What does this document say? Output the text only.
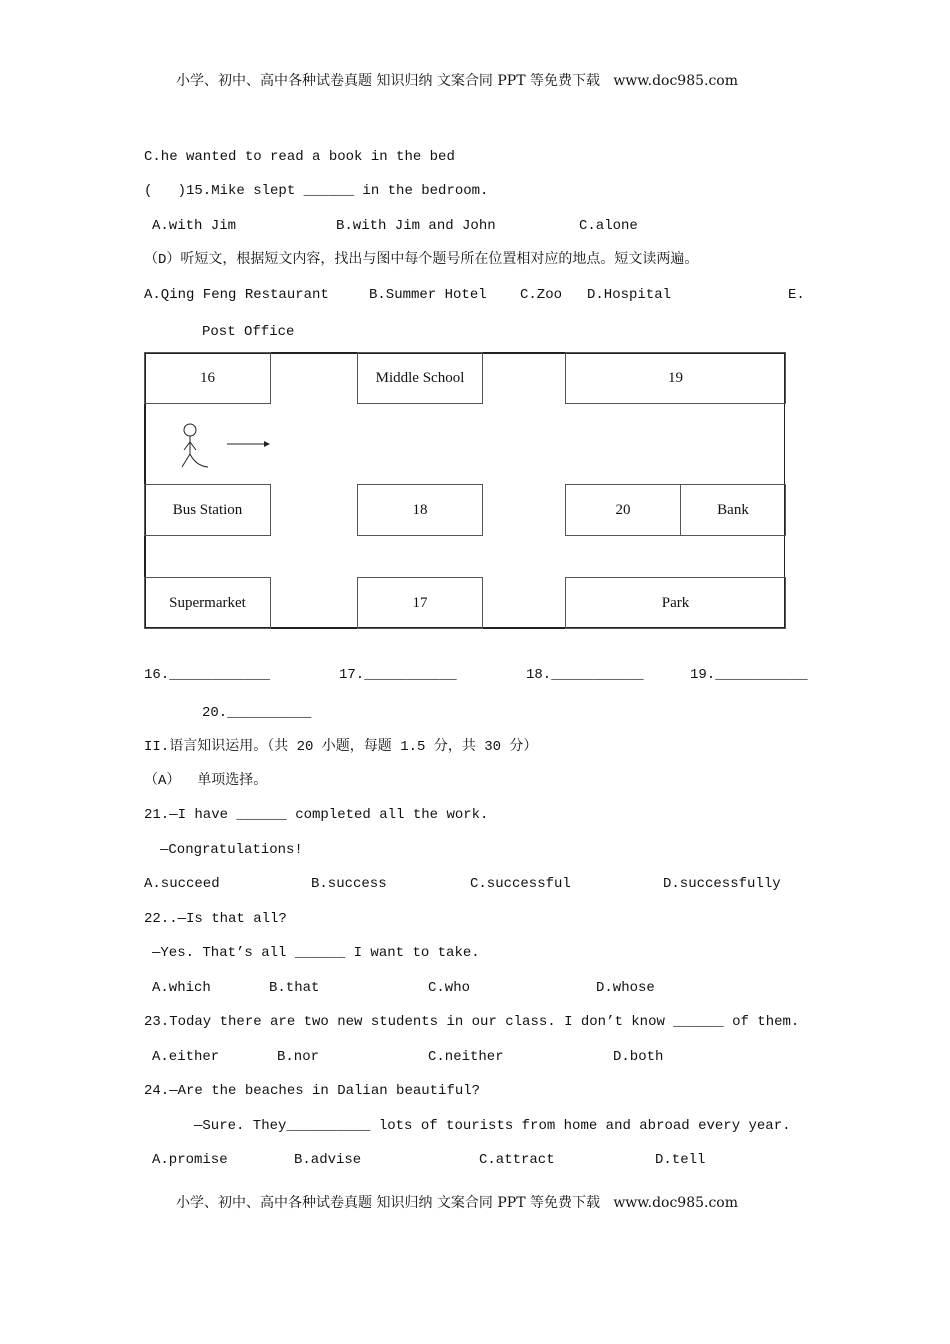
小学、初中、高中各种试卷真题 知识归纳 文案合同 PPT 等免费下载   www.doc985.com
C.he wanted to read a book in the bed
(   )15.Mike slept ______ in the bedroom.
A.with Jim	B.with Jim and John	C.alone
（D）听短文，根据短文内容，找出与图中每个题号所在位置相对应的地点。短文读两遍。
A.Qing Feng Restaurant	B.Summer Hotel C.Zoo D.Hospital	E.
Post Office
16	Middle School	19
Bus Station	18	20	Bank
Supermarket	17	Park
16.____________	17.___________	18.___________	19.___________
20.__________
II.语言知识运用。（共 20 小题，每题 1.5 分，共 30 分）
（A）  单项选择。
21.—I have ______ completed all the work.
—Congratulations!
A.succeed	B.success	C.successful	D.successfully
22..—Is that all?
—Yes. That’s all ______ I want to take.
A.which	B.that	C.who	D.whose
23.Today there are two new students in our class. I don’t know ______ of them.
A.either	B.nor	C.neither	D.both
24.—Are the beaches in Dalian beautiful?
—Sure. They__________ lots of tourists from home and abroad every year.
A.promise	B.advise	C.attract	D.tell
小学、初中、高中各种试卷真题 知识归纳 文案合同 PPT 等免费下载   www.doc985.com
